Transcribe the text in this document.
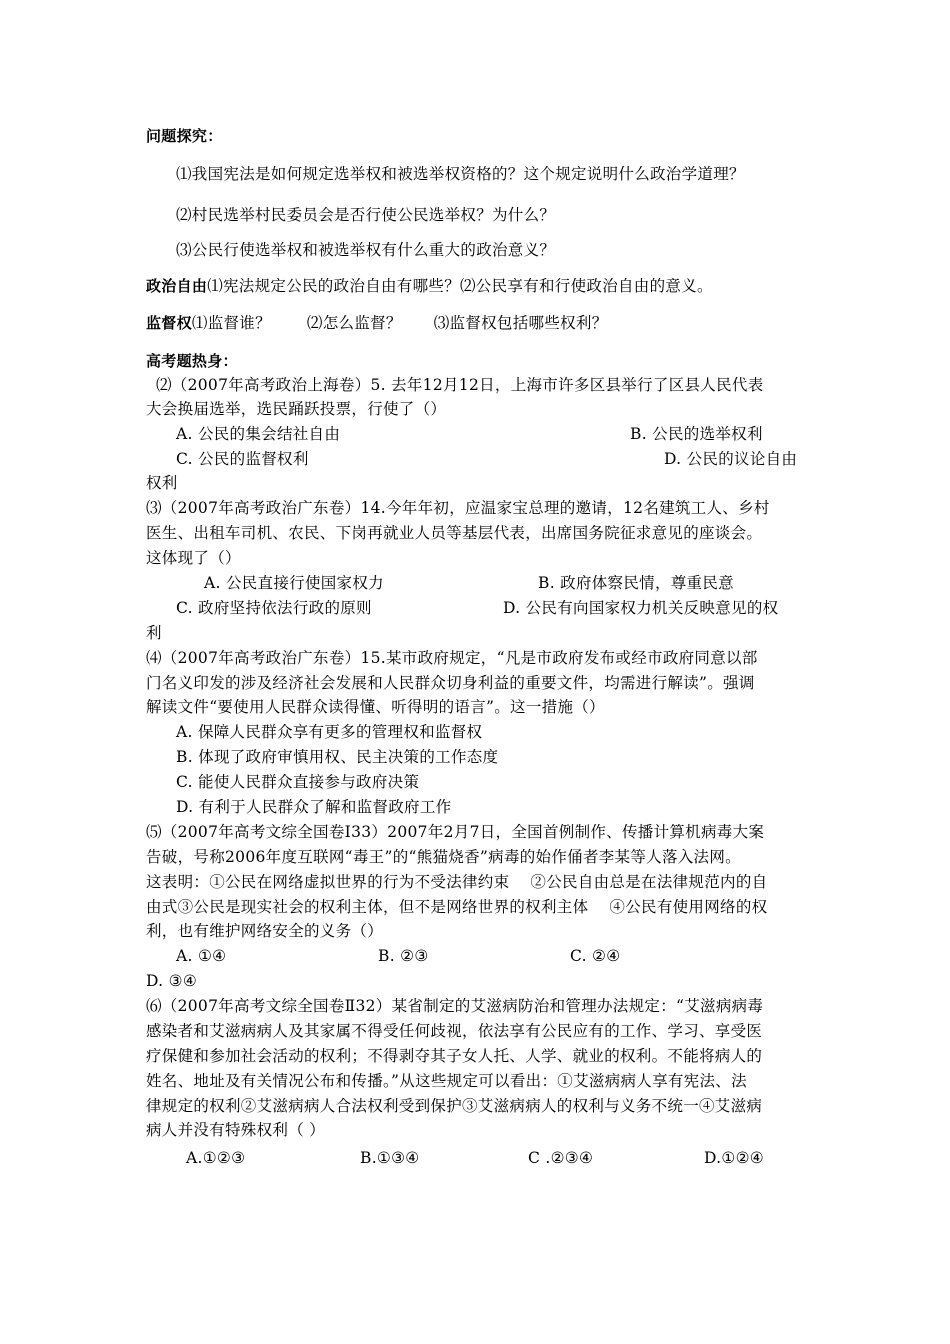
问题探究：
⑴我国宪法是如何规定选举权和被选举权资格的？这个规定说明什么政治学道理？
⑵村民选举村民委员会是否行使公民选举权？为什么？
⑶公民行使选举权和被选举权有什么重大的政治意义？
政治自由⑴宪法规定公民的政治自由有哪些？⑵公民享有和行使政治自由的意义。
监督权⑴监督谁？ ⑵怎么监督？ ⑶监督权包括哪些权利？
高考题热身：
⑵（2007年高考政治上海卷）5. 去年12月12日，上海市许多区县举行了区县人民代表
大会换届选举，选民踊跃投票，行使了（）
A. 公民的集会结社自由	B. 公民的选举权利
C. 公民的监督权利	D. 公民的议论自由
权利
⑶（2007年高考政治广东卷）14.今年年初，应温家宝总理的邀请，12名建筑工人、乡村
医生、出租车司机、农民、下岗再就业人员等基层代表，出席国务院征求意见的座谈会。
这体现了（）
A. 公民直接行使国家权力	B. 政府体察民情，尊重民意
C. 政府坚持依法行政的原则	D. 公民有向国家权力机关反映意见的权
利
⑷（2007年高考政治广东卷）15.某市政府规定，“凡是市政府发布或经市政府同意以部
门名义印发的涉及经济社会发展和人民群众切身利益的重要文件，均需进行解读”。强调
解读文件“要使用人民群众读得懂、听得明的语言”。这一措施（）
A. 保障人民群众享有更多的管理权和监督权
B. 体现了政府审慎用权、民主决策的工作态度
C. 能使人民群众直接参与政府决策
D. 有利于人民群众了解和监督政府工作
⑸（2007年高考文综全国卷Ⅰ33）2007年2月7日，全国首例制作、传播计算机病毒大案
告破，号称2006年度互联网“毒王”的“熊猫烧香”病毒的始作俑者李某等人落入法网。
这表明：①公民在网络虚拟世界的行为不受法律约束　 ②公民自由总是在法律规范内的自
由式③公民是现实社会的权利主体，但不是网络世界的权利主体　 ④公民有使用网络的权
利，也有维护网络安全的义务（）
A. ①④	B. ②③	C. ②④
D. ③④
⑹（2007年高考文综全国卷Ⅱ32）某省制定的艾滋病防治和管理办法规定：“艾滋病病毒
感染者和艾滋病病人及其家属不得受任何歧视，依法享有公民应有的工作、学习、享受医
疗保健和参加社会活动的权利；不得剥夺其子女人托、人学、就业的权利。不能将病人的
姓名、地址及有关情况公布和传播。”从这些规定可以看出：①艾滋病病人享有宪法、法
律规定的权利②艾滋病病人合法权利受到保护③艾滋病病人的权利与义务不统一④艾滋病
病人并没有特殊权利（ ）
A.①②③	B.①③④	C .②③④	D.①②④
